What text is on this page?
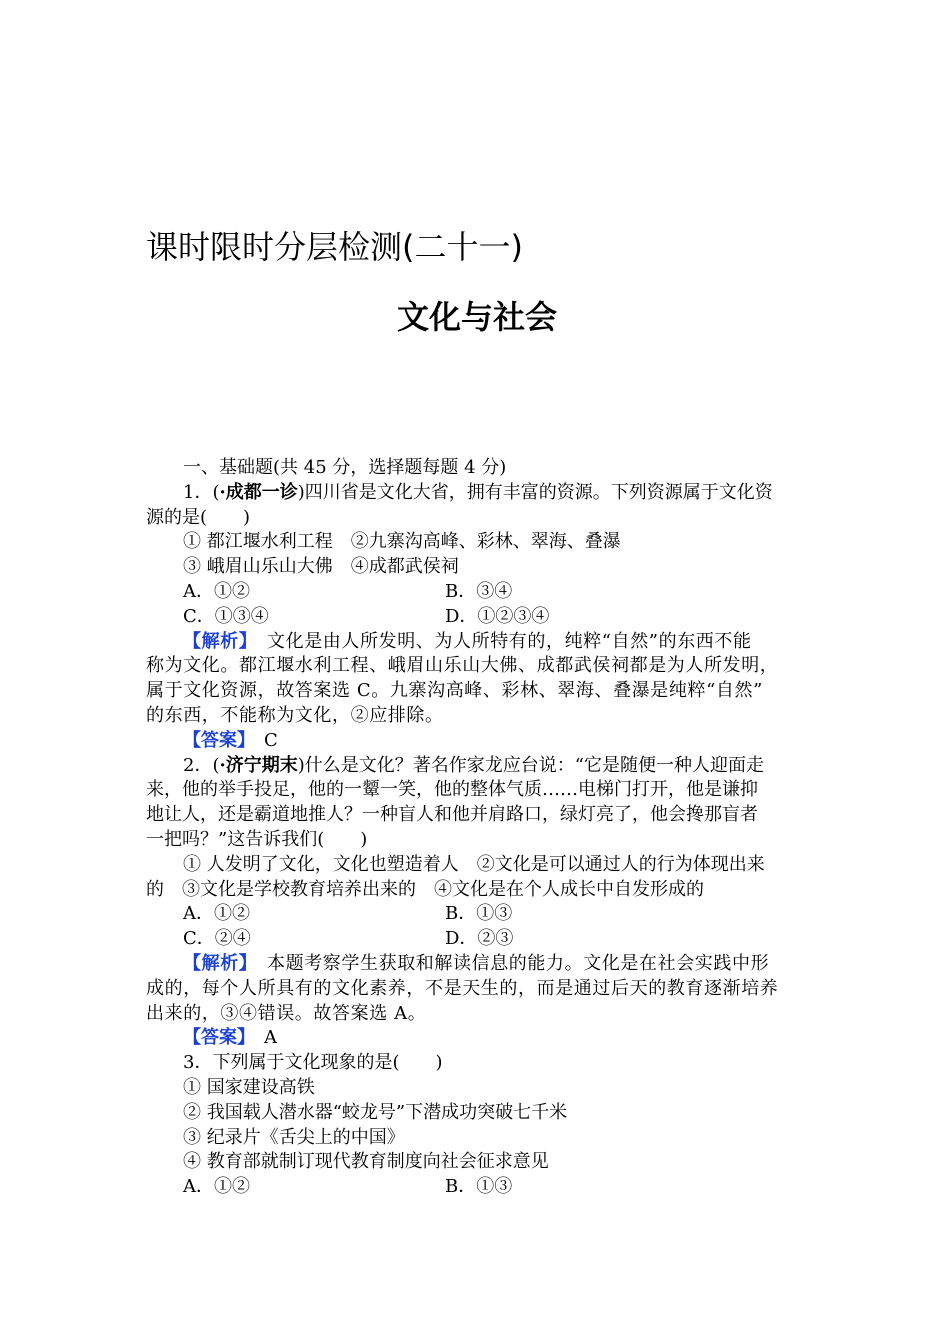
课时限时分层检测(二十一)
文化与社会
一、基础题(共 45 分，选择题每题 4 分)
1．(·成都一诊)四川省是文化大省，拥有丰富的资源。下列资源属于文化资
源的是(　　)
① 都江堰水利工程　②九寨沟高峰、彩林、翠海、叠瀑
③ 峨眉山乐山大佛　④成都武侯祠
A．①②	B．③④
C．①③④	D．①②③④
【解析】　文化是由人所发明、为人所特有的，纯粹“自然”的东西不能
称为文化。都江堰水利工程、峨眉山乐山大佛、成都武侯祠都是为人所发明，
属于文化资源，故答案选 C。九寨沟高峰、彩林、翠海、叠瀑是纯粹“自然”
的东西，不能称为文化，②应排除。
【答案】　C
2．(·济宁期末)什么是文化？著名作家龙应台说：“它是随便一种人迎面走
来，他的举手投足，他的一颦一笑，他的整体气质……电梯门打开，他是谦抑
地让人，还是霸道地推人？一种盲人和他并肩路口，绿灯亮了，他会搀那盲者
一把吗？”这告诉我们(　　)
① 人发明了文化，文化也塑造着人　②文化是可以通过人的行为体现出来
的　③文化是学校教育培养出来的　④文化是在个人成长中自发形成的
A．①②	B．①③
C．②④	D．②③
【解析】　本题考察学生获取和解读信息的能力。文化是在社会实践中形
成的，每个人所具有的文化素养，不是天生的，而是通过后天的教育逐渐培养
出来的，③④错误。故答案选 A。
【答案】　A
3．下列属于文化现象的是(　　)
① 国家建设高铁
② 我国载人潜水器“蛟龙号”下潜成功突破七千米
③ 纪录片《舌尖上的中国》
④ 教育部就制订现代教育制度向社会征求意见
A．①②	B．①③
